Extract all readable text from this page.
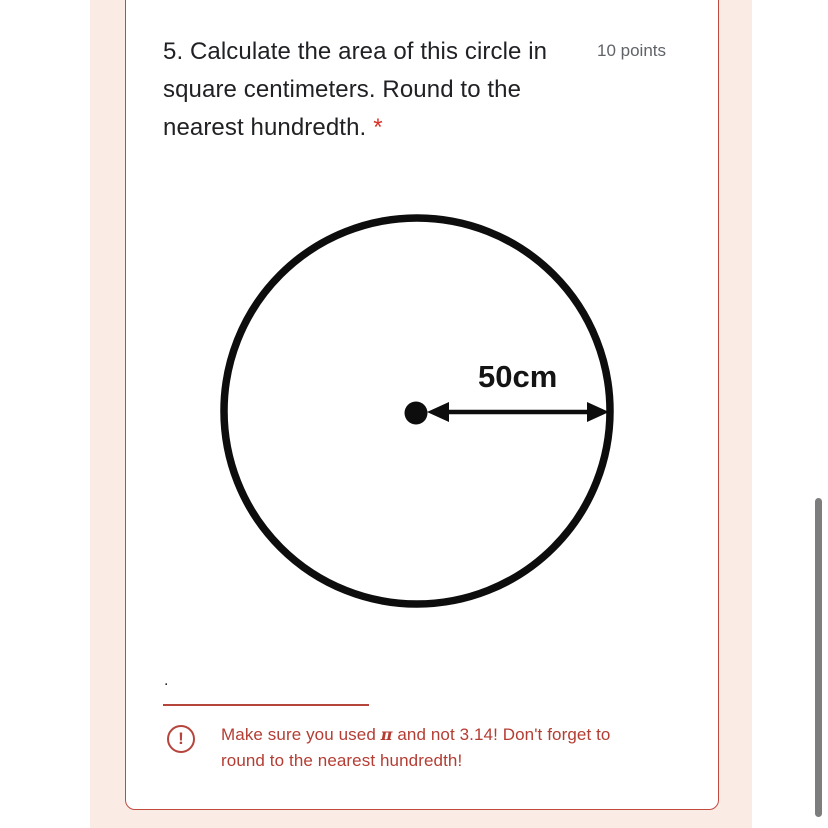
5. Calculate the area of this circle in
square centimeters. Round to the
nearest hundredth. *
10 points
50cm
.
! Make sure you used π and not 3.14! Don't forget to
round to the nearest hundredth!
